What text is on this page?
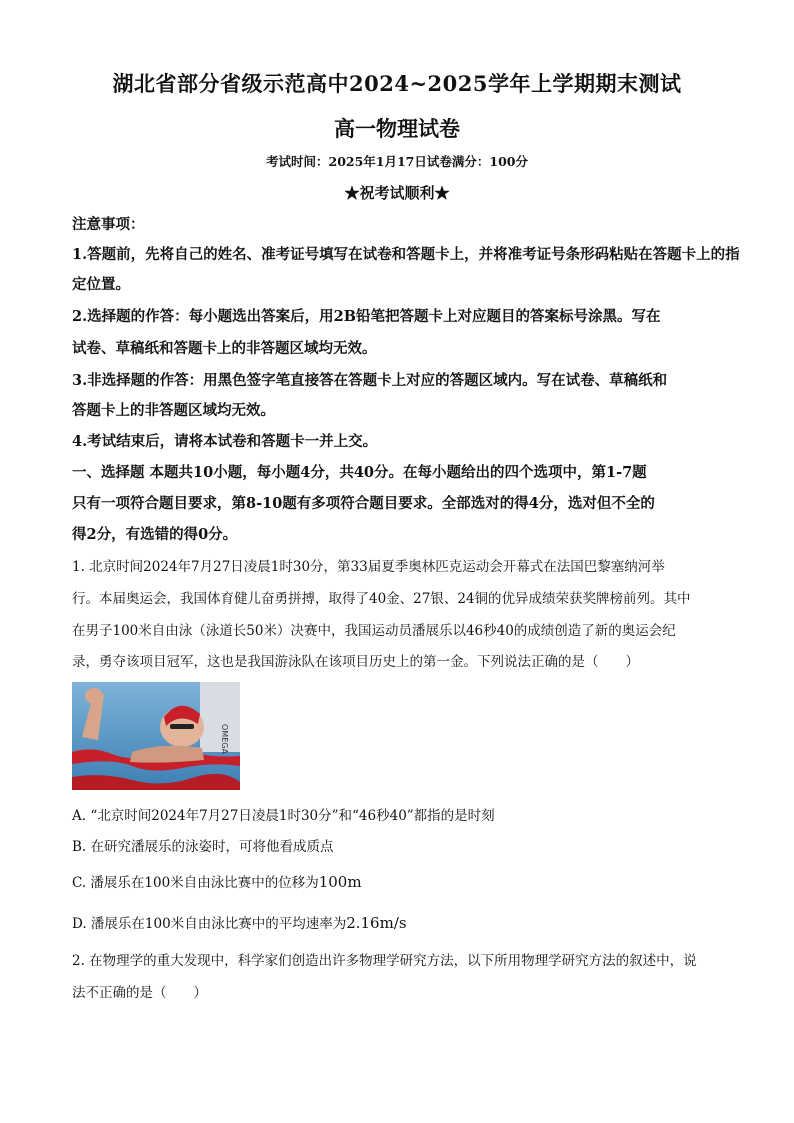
湖北省部分省级示范高中2024~2025学年上学期期末测试
高一物理试卷
考试时间：2025年1月17日试卷满分：100分
★祝考试顺利★
注意事项：
1.答题前，先将自己的姓名、准考证号填写在试卷和答题卡上，并将准考证号条形码粘贴在答题卡上的指
定位置。
2.选择题的作答：每小题选出答案后，用2B铅笔把答题卡上对应题目的答案标号涂黑。写在
试卷、草稿纸和答题卡上的非答题区域均无效。
3.非选择题的作答：用黑色签字笔直接答在答题卡上对应的答题区域内。写在试卷、草稿纸和
答题卡上的非答题区域均无效。
4.考试结束后，请将本试卷和答题卡一并上交。
一、选择题 本题共10小题，每小题4分，共40分。在每小题给出的四个选项中，第1-7题
只有一项符合题目要求，第8-10题有多项符合题目要求。全部选对的得4分，选对但不全的
得2分，有选错的得0分。
1. 北京时间2024年7月27日凌晨1时30分，第33届夏季奥林匹克运动会开幕式在法国巴黎塞纳河举
行。本届奥运会，我国体育健儿奋勇拼搏，取得了40金、27银、24铜的优异成绩荣获奖牌榜前列。其中
在男子100米自由泳（泳道长50米）决赛中，我国运动员潘展乐以46秒40的成绩创造了新的奥运会纪
录，勇夺该项目冠军，这也是我国游泳队在该项目历史上的第一金。下列说法正确的是（　　）
OMEGA
A. “北京时间2024年7月27日凌晨1时30分”和“46秒40”都指的是时刻
B. 在研究潘展乐的泳姿时，可将他看成质点
C. 潘展乐在100米自由泳比赛中的位移为100m
D. 潘展乐在100米自由泳比赛中的平均速率为2.16m/s
2. 在物理学的重大发现中，科学家们创造出许多物理学研究方法，以下所用物理学研究方法的叙述中，说
法不正确的是（　　）
